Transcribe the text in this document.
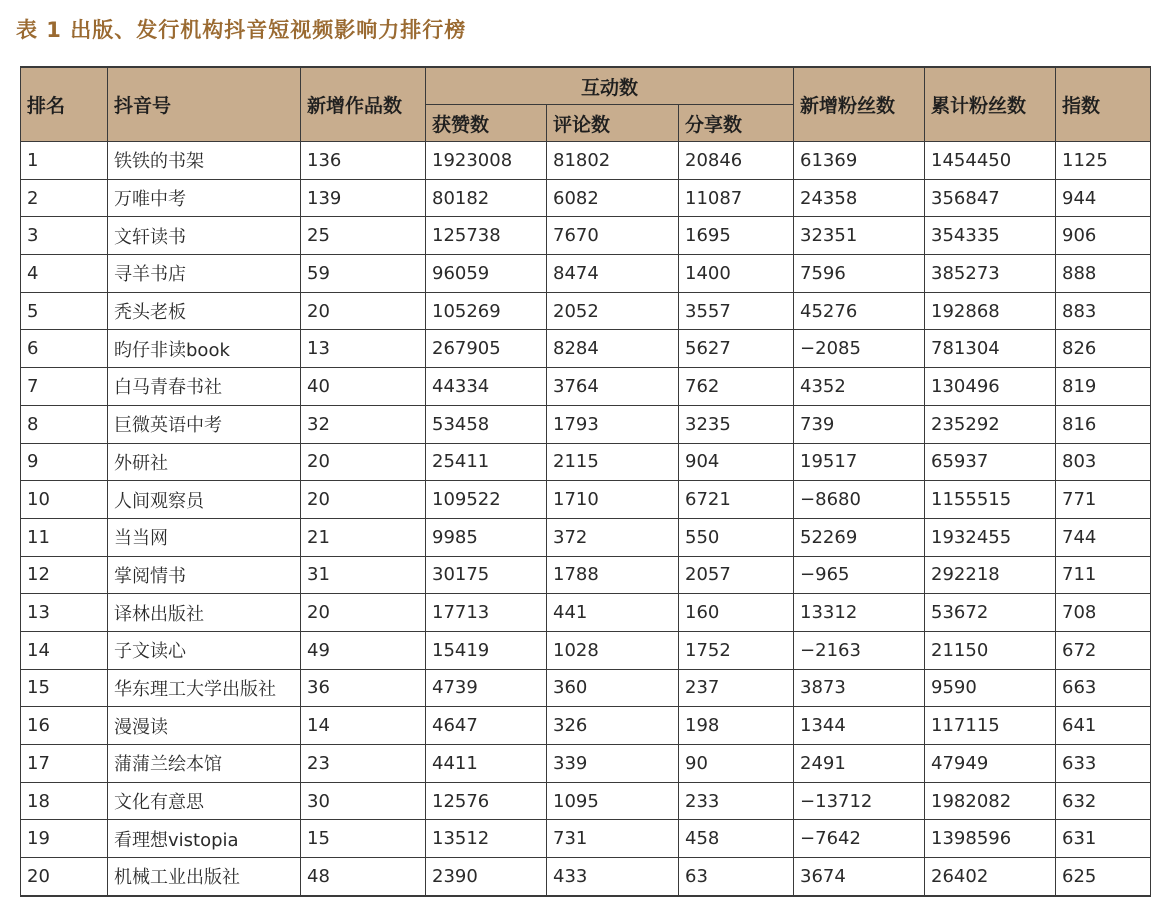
表 1 出版、发行机构抖音短视频影响力排行榜
排名	抖音号	新增作品数	互动数			新增粉丝数	累计粉丝数	指数
			获赞数	评论数	分享数			
1	铁铁的书架	136	1923008	81802	20846	61369	1454450	1125
2	万唯中考	139	80182	6082	11087	24358	356847	944
3	文轩读书	25	125738	7670	1695	32351	354335	906
4	寻羊书店	59	96059	8474	1400	7596	385273	888
5	秃头老板	20	105269	2052	3557	45276	192868	883
6	昀仔非读book	13	267905	8284	5627	−2085	781304	826
7	白马青春书社	40	44334	3764	762	4352	130496	819
8	巨微英语中考	32	53458	1793	3235	739	235292	816
9	外研社	20	25411	2115	904	19517	65937	803
10	人间观察员	20	109522	1710	6721	−8680	1155515	771
11	当当网	21	9985	372	550	52269	1932455	744
12	掌阅情书	31	30175	1788	2057	−965	292218	711
13	译林出版社	20	17713	441	160	13312	53672	708
14	子文读心	49	15419	1028	1752	−2163	21150	672
15	华东理工大学出版社	36	4739	360	237	3873	9590	663
16	漫漫读	14	4647	326	198	1344	117115	641
17	蒲蒲兰绘本馆	23	4411	339	90	2491	47949	633
18	文化有意思	30	12576	1095	233	−13712	1982082	632
19	看理想vistopia	15	13512	731	458	−7642	1398596	631
20	机械工业出版社	48	2390	433	63	3674	26402	625
